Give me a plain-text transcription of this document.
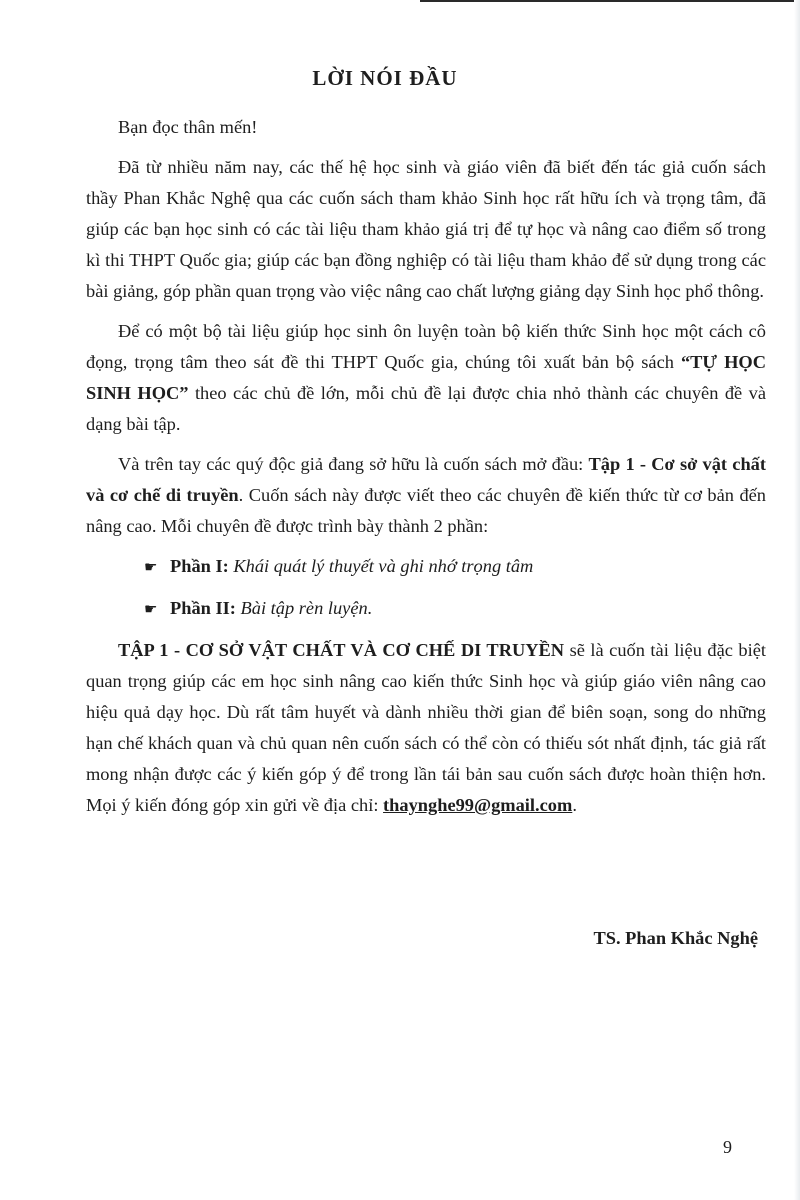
LỜI NÓI ĐẦU

Bạn đọc thân mến!

Đã từ nhiều năm nay, các thế hệ học sinh và giáo viên đã biết đến tác giả cuốn sách thầy Phan Khắc Nghệ qua các cuốn sách tham khảo Sinh học rất hữu ích và trọng tâm, đã giúp các bạn học sinh có các tài liệu tham khảo giá trị để tự học và nâng cao điểm số trong kì thi THPT Quốc gia; giúp các bạn đồng nghiệp có tài liệu tham khảo để sử dụng trong các bài giảng, góp phần quan trọng vào việc nâng cao chất lượng giảng dạy Sinh học phổ thông.

Để có một bộ tài liệu giúp học sinh ôn luyện toàn bộ kiến thức Sinh học một cách cô đọng, trọng tâm theo sát đề thi THPT Quốc gia, chúng tôi xuất bản bộ sách “TỰ HỌC SINH HỌC” theo các chủ đề lớn, mỗi chủ đề lại được chia nhỏ thành các chuyên đề và dạng bài tập.

Và trên tay các quý độc giả đang sở hữu là cuốn sách mở đầu: Tập 1 - Cơ sở vật chất và cơ chế di truyền. Cuốn sách này được viết theo các chuyên đề kiến thức từ cơ bản đến nâng cao. Mỗi chuyên đề được trình bày thành 2 phần:

☛ Phần I: Khái quát lý thuyết và ghi nhớ trọng tâm

☛ Phần II: Bài tập rèn luyện.

TẬP 1 - CƠ SỞ VẬT CHẤT VÀ CƠ CHẾ DI TRUYỀN sẽ là cuốn tài liệu đặc biệt quan trọng giúp các em học sinh nâng cao kiến thức Sinh học và giúp giáo viên nâng cao hiệu quả dạy học. Dù rất tâm huyết và dành nhiều thời gian để biên soạn, song do những hạn chế khách quan và chủ quan nên cuốn sách có thể còn có thiếu sót nhất định, tác giả rất mong nhận được các ý kiến góp ý để trong lần tái bản sau cuốn sách được hoàn thiện hơn. Mọi ý kiến đóng góp xin gửi về địa chỉ: thaynghe99@gmail.com.

TS. Phan Khắc Nghệ
9
